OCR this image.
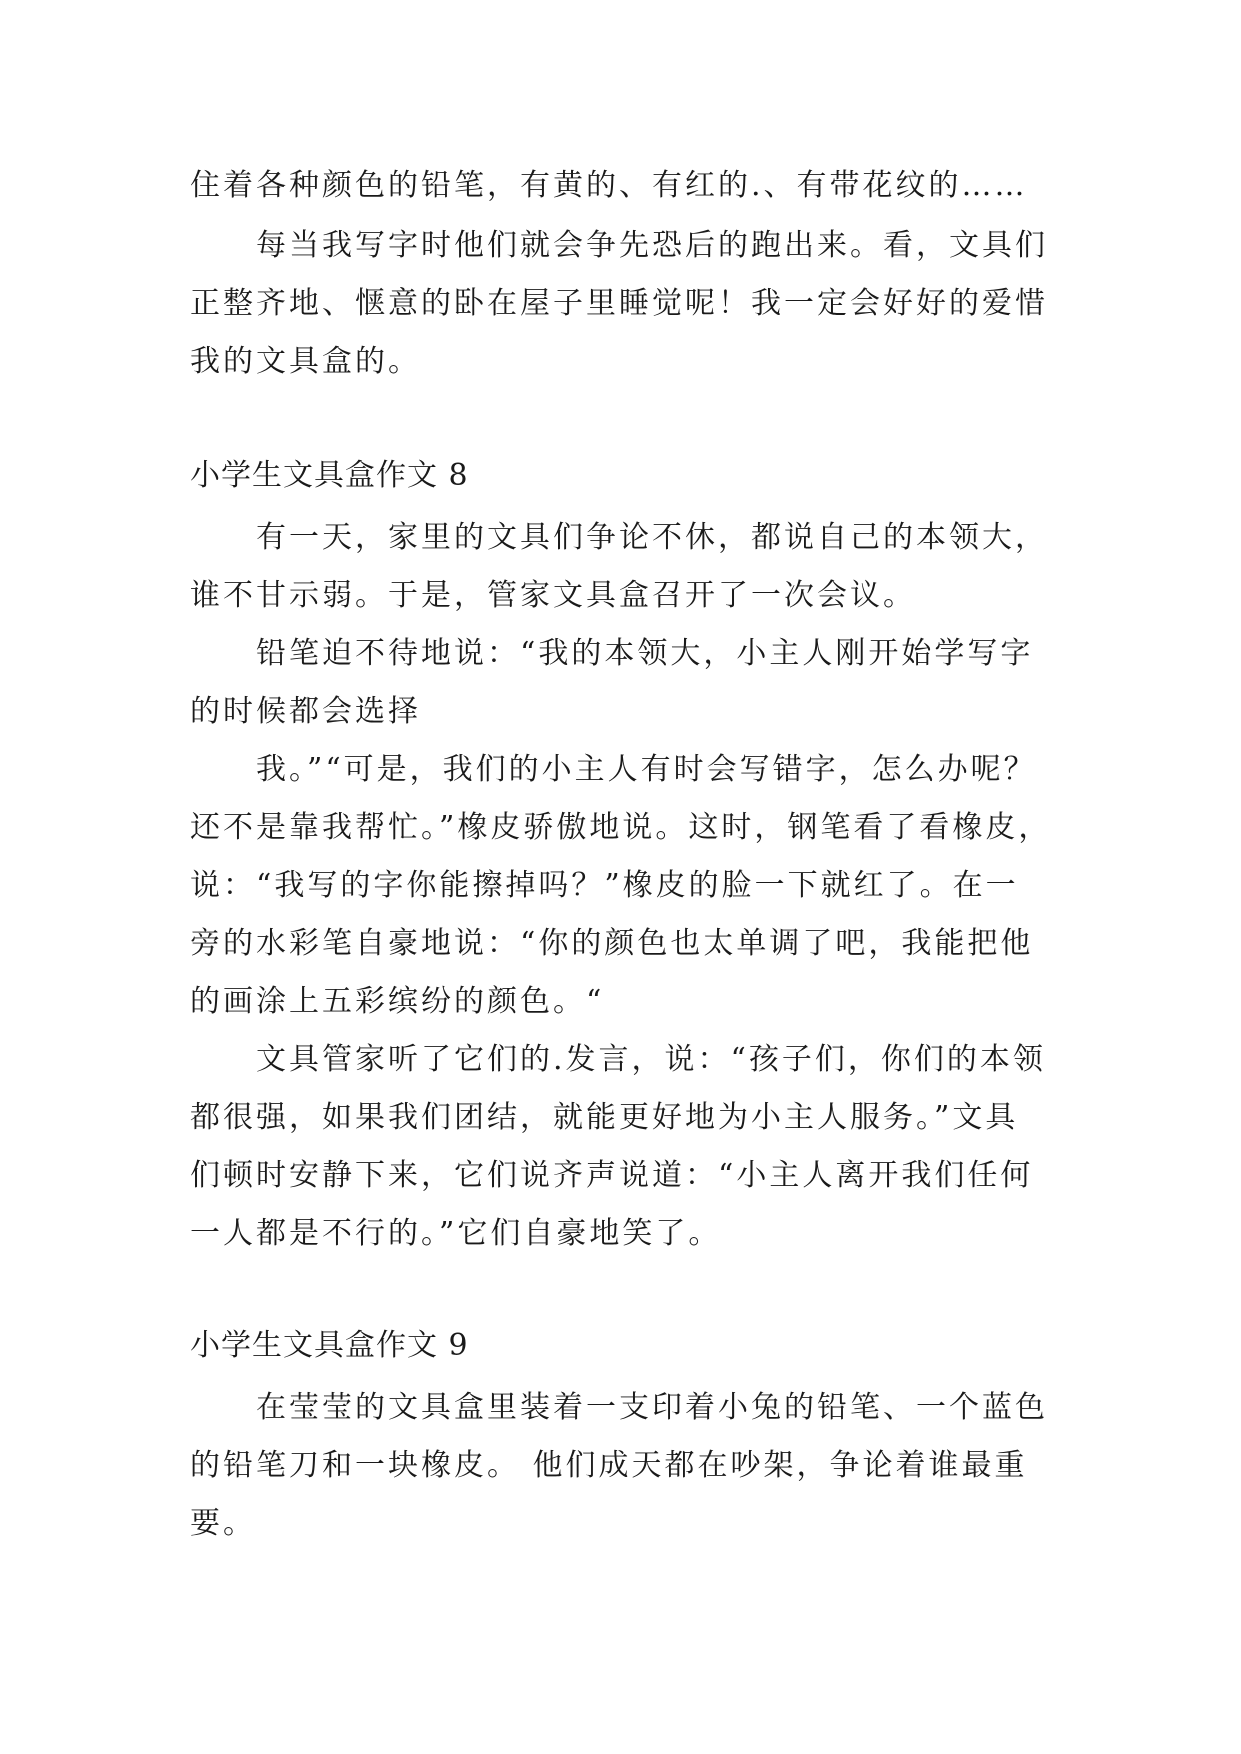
住着各种颜色的铅笔，有黄的、有红的.、有带花纹的……
每当我写字时他们就会争先恐后的跑出来。看，文具们
正整齐地、惬意的卧在屋子里睡觉呢！我一定会好好的爱惜
我的文具盒的。
小学生文具盒作文 8
有一天，家里的文具们争论不休，都说自己的本领大，
谁不甘示弱。于是，管家文具盒召开了一次会议。
铅笔迫不待地说：“我的本领大，小主人刚开始学写字
的时候都会选择
我。”“可是，我们的小主人有时会写错字，怎么办呢？
还不是靠我帮忙。”橡皮骄傲地说。这时，钢笔看了看橡皮，
说：“我写的字你能擦掉吗？”橡皮的脸一下就红了。在一
旁的水彩笔自豪地说：“你的颜色也太单调了吧，我能把他
的画涂上五彩缤纷的颜色。“
文具管家听了它们的.发言，说：“孩子们，你们的本领
都很强，如果我们团结，就能更好地为小主人服务。”文具
们顿时安静下来，它们说齐声说道：“小主人离开我们任何
一人都是不行的。”它们自豪地笑了。
小学生文具盒作文 9
在莹莹的文具盒里装着一支印着小兔的铅笔、一个蓝色
的铅笔刀和一块橡皮。 他们成天都在吵架，争论着谁最重
要。
